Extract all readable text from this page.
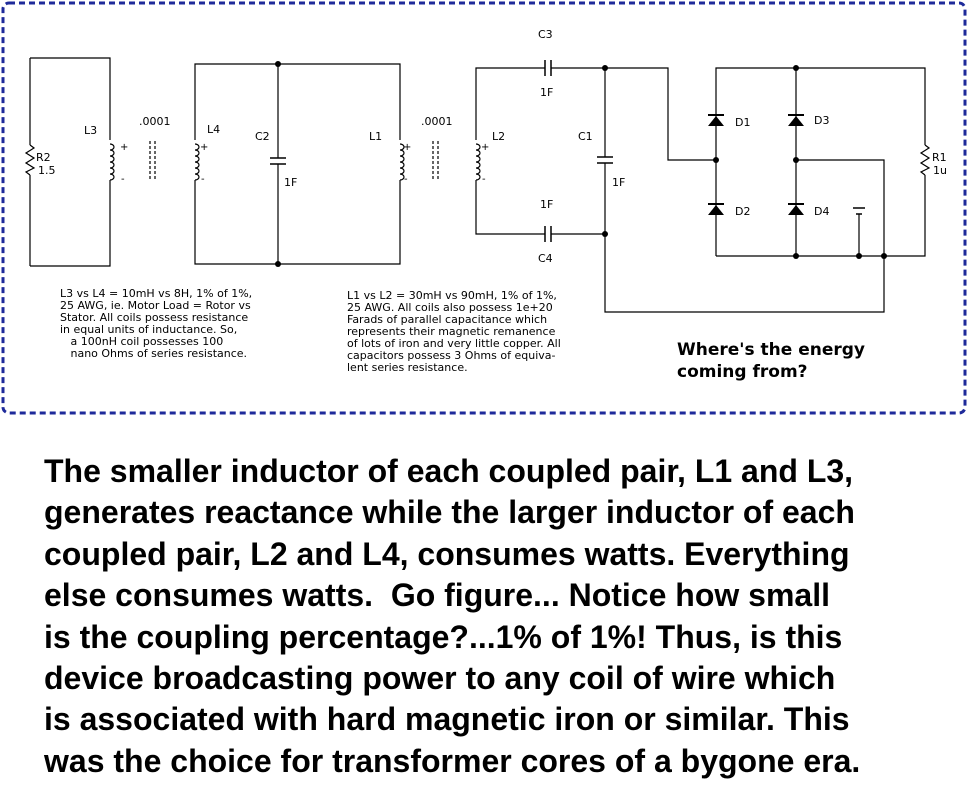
R2
1.5
L3
+
-
.0001
L4
+
-
C2
1F
L1
+
-
.0001
L2
+
-
C3
1F
1F
C4
C1
1F
D1
D2
D3
D4
R1
1u

L3 vs L4 = 10mH vs 8H, 1% of 1%,
25 AWG, ie. Motor Load = Rotor vs
Stator. All coils possess resistance
in equal units of inductance. So,
a 100nH coil possesses 100
nano Ohms of series resistance.

L1 vs L2 = 30mH vs 90mH, 1% of 1%,
25 AWG. All coils also possess 1e+20
Farads of parallel capacitance which
represents their magnetic remanence
of lots of iron and very little copper. All
capacitors possess 3 Ohms of equiva-
lent series resistance.

Where's the energy
coming from?

The smaller inductor of each coupled pair, L1 and L3,
generates reactance while the larger inductor of each
coupled pair, L2 and L4, consumes watts. Everything
else consumes watts.  Go figure... Notice how small
is the coupling percentage?...1% of 1%! Thus, is this
device broadcasting power to any coil of wire which
is associated with hard magnetic iron or similar. This
was the choice for transformer cores of a bygone era.
